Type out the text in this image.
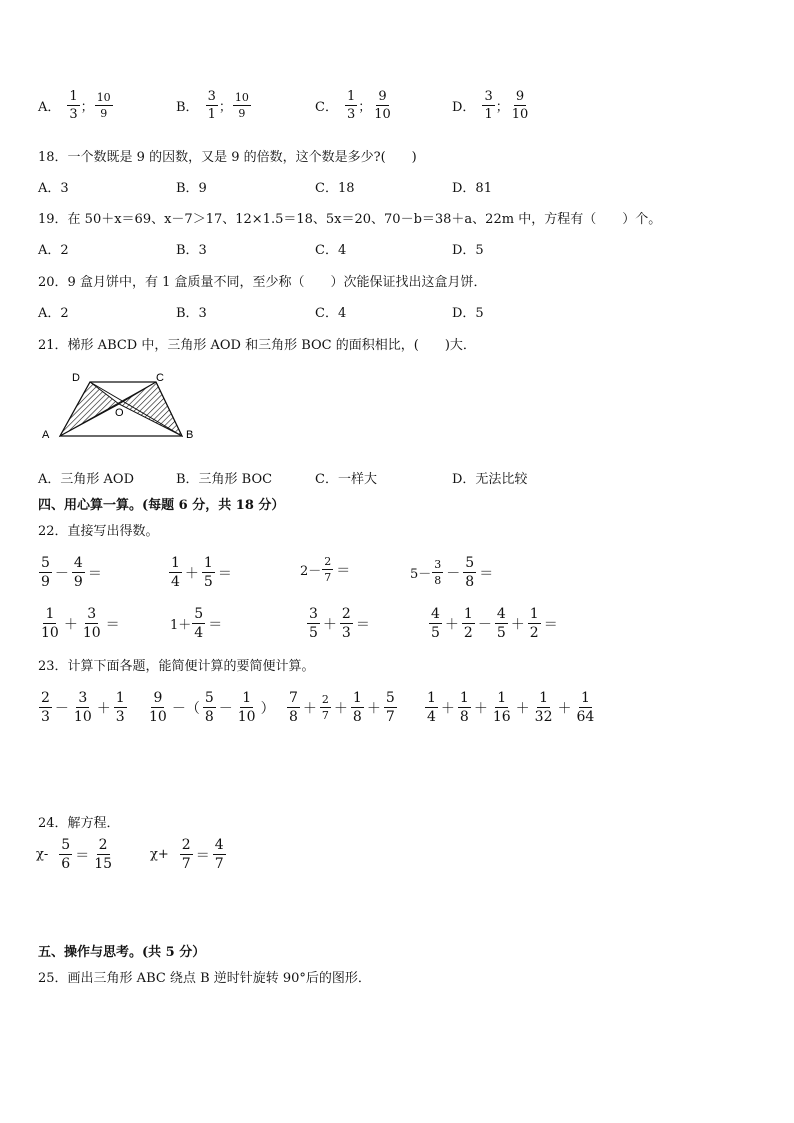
A． $\frac{1}{3}$ ； $\frac{10}{9}$	B． $\frac{3}{1}$ ； $\frac{10}{9}$	C． $\frac{1}{3}$ ； $\frac{9}{10}$	D． $\frac{3}{1}$ ； $\frac{9}{10}$
18．一个数既是 9 的因数，又是 9 的倍数，这个数是多少?(　　)
A．3	B．9	C．18	D．81
19．在 50＋x＝69、x－7＞17、12×1.5＝18、5x＝20、70－b＝38＋a、22m 中，方程有（　　）个。
A．2	B．3	C．4	D．5
20．9 盒月饼中，有 1 盒质量不同，至少称（　　）次能保证找出这盒月饼．
A．2	B．3	C．4	D．5
21．梯形 ABCD 中，三角形 AOD 和三角形 BOC 的面积相比，(　　)大．
D	C
O
A	B
A．三角形 AOD	B．三角形 BOC	C．一样大	D．无法比较
四、用心算一算。(每题 6 分，共 18 分）
22．直接写出得数。
$\frac{5}{9} - \frac{4}{9}$ ＝	$\frac{1}{4} + \frac{1}{5}$ ＝	$2- \frac{2}{7}$ ＝	$5- \frac{3}{8} - \frac{5}{8}$ ＝
$\frac{1}{10} + \frac{3}{10}$ ＝	$1+ \frac{5}{4}$ ＝	$\frac{3}{5} + \frac{2}{3}$ ＝	$\frac{4}{5} + \frac{1}{2} - \frac{4}{5} + \frac{1}{2}$ ＝
23．计算下面各题，能简便计算的要简便计算。
$\frac{2}{3} - \frac{3}{10} + \frac{1}{3} \frac{9}{10}$ －（ $\frac{5}{8} - \frac{1}{10}$ ） $\frac{7}{8} + \frac{2}{7} + \frac{1}{8} + \frac{5}{7} \frac{1}{4} + \frac{1}{8} + \frac{1}{16} + \frac{1}{32} + \frac{1}{64}$
24．解方程．
$\chi- \frac{5}{6} = \frac{2}{15}$	$\chi+ \frac{2}{7} = \frac{4}{7}$
五、操作与思考。(共 5 分）
25．画出三角形 ABC 绕点 B 逆时针旋转 90°后的图形．
